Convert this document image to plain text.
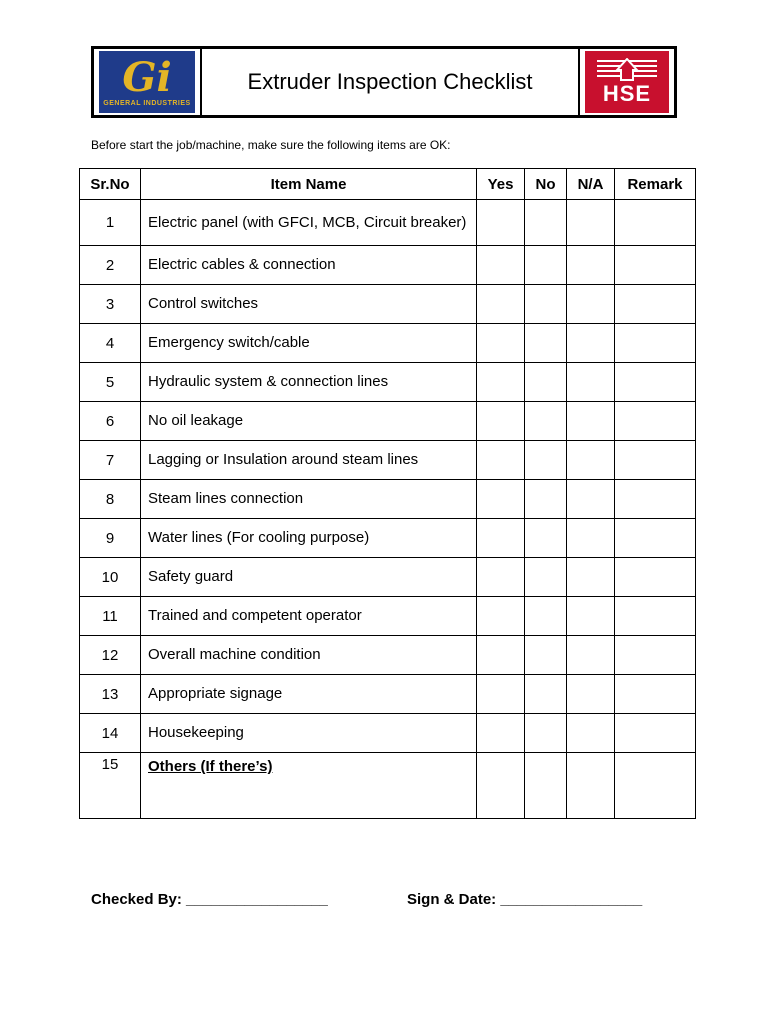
Gi
GENERAL INDUSTRIES
Extruder Inspection Checklist	HSE
Before start the job/machine, make sure the following items are OK:
Sr.No	Item Name	Yes	No	N/A	Remark
1	Electric panel (with GFCI, MCB, Circuit breaker)				
2	Electric cables & connection				
3	Control switches				
4	Emergency switch/cable				
5	Hydraulic system & connection lines				
6	No oil leakage				
7	Lagging or Insulation around steam lines				
8	Steam lines connection				
9	Water lines (For cooling purpose)				
10	Safety guard				
11	Trained and competent operator				
12	Overall machine condition				
13	Appropriate signage				
14	Housekeeping				
15	Others (If there’s)				
Checked By: _________________	Sign & Date: _________________
